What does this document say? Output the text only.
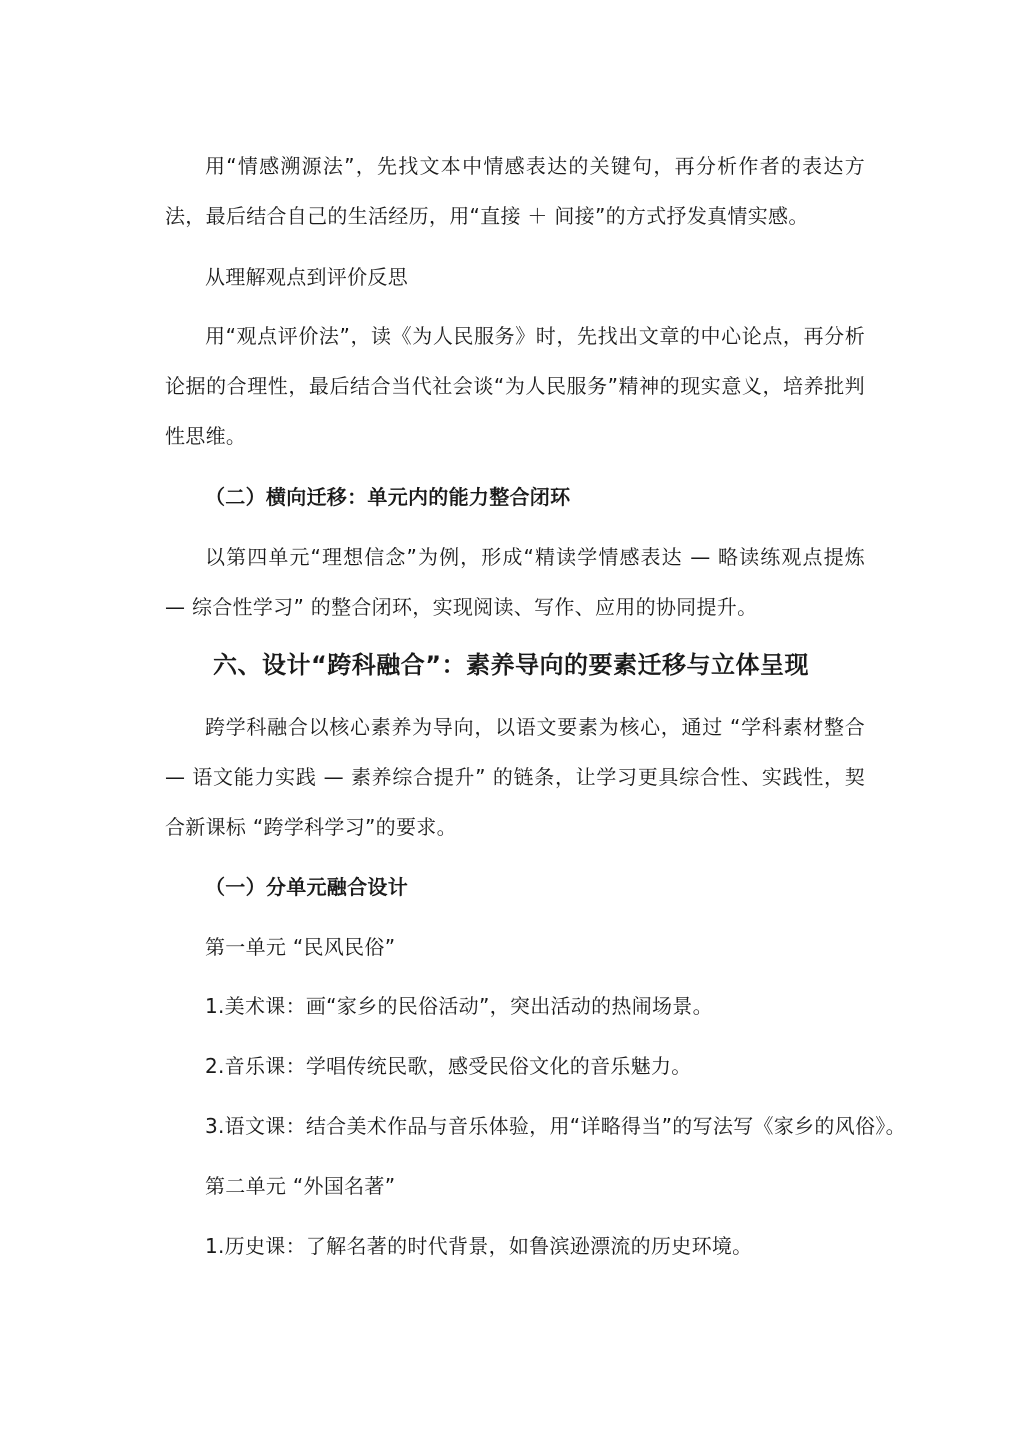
用“情感溯源法”，先找文本中情感表达的关键句，再分析作者的表达方法，最后结合自己的生活经历，用“直接 ＋ 间接”的方式抒发真情实感。

从理解观点到评价反思

用“观点评价法”，读《为人民服务》时，先找出文章的中心论点，再分析论据的合理性，最后结合当代社会谈“为人民服务”精神的现实意义，培养批判性思维。

（二）横向迁移：单元内的能力整合闭环

以第四单元“理想信念”为例，形成“精读学情感表达 — 略读练观点提炼 — 综合性学习” 的整合闭环，实现阅读、写作、应用的协同提升。

六、设计“跨科融合”：素养导向的要素迁移与立体呈现

跨学科融合以核心素养为导向，以语文要素为核心，通过 “学科素材整合 — 语文能力实践 — 素养综合提升” 的链条，让学习更具综合性、实践性，契合新课标 “跨学科学习”的要求。

（一）分单元融合设计

第一单元 “民风民俗”

1.美术课：画“家乡的民俗活动”，突出活动的热闹场景。

2.音乐课：学唱传统民歌，感受民俗文化的音乐魅力。

3.语文课：结合美术作品与音乐体验，用“详略得当”的写法写《家乡的风俗》。

第二单元 “外国名著”

1.历史课：了解名著的时代背景，如鲁滨逊漂流的历史环境。
